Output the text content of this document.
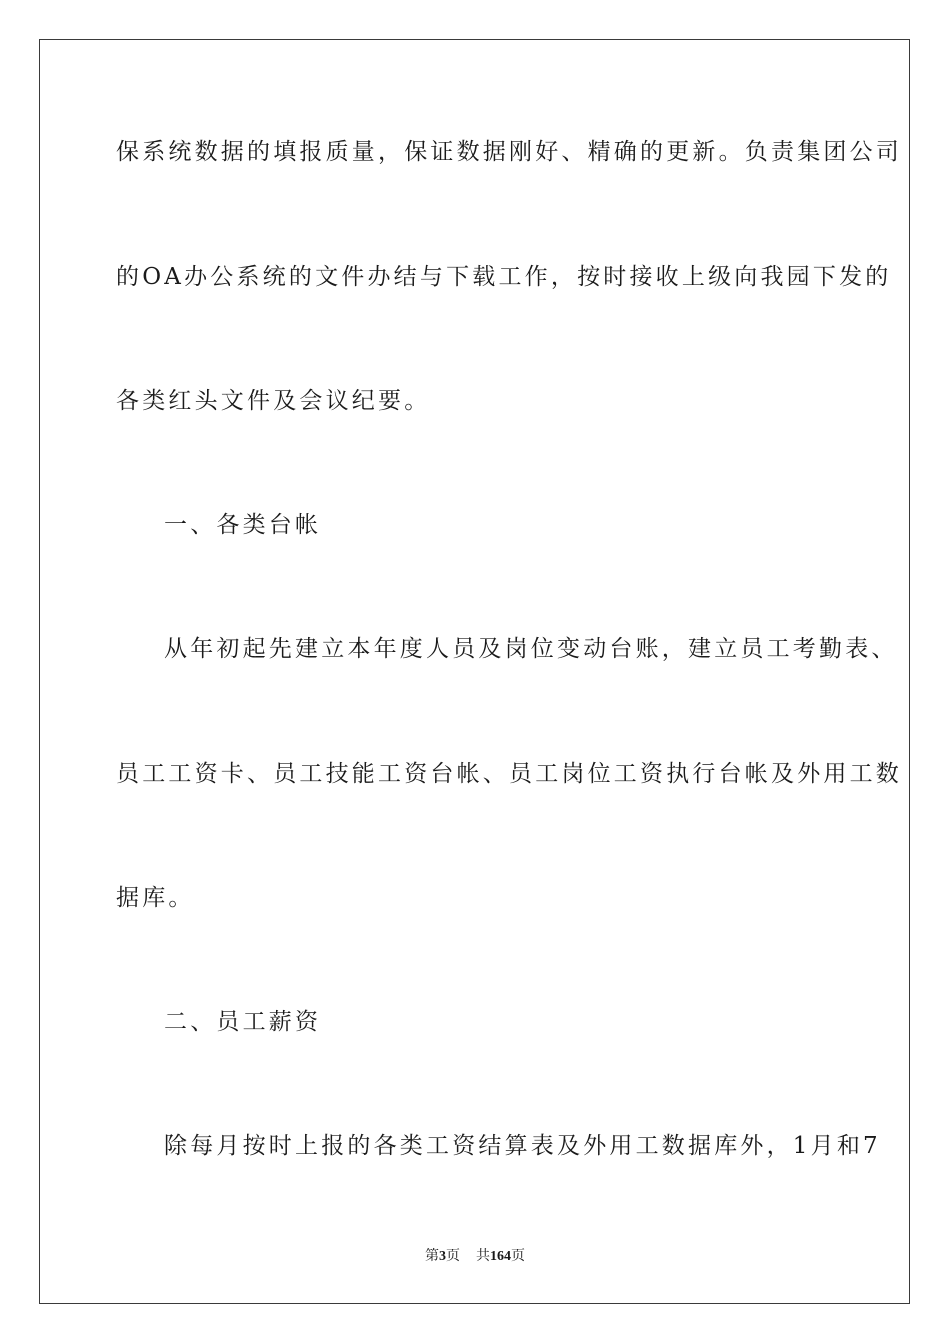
保系统数据的填报质量，保证数据刚好、精确的更新。负责集团公司
的OA办公系统的文件办结与下载工作，按时接收上级向我园下发的
各类红头文件及会议纪要。
一、各类台帐
从年初起先建立本年度人员及岗位变动台账，建立员工考勤表、
员工工资卡、员工技能工资台帐、员工岗位工资执行台帐及外用工数
据库。
二、员工薪资
除每月按时上报的各类工资结算表及外用工数据库外，1月和7
第3页 共164页
